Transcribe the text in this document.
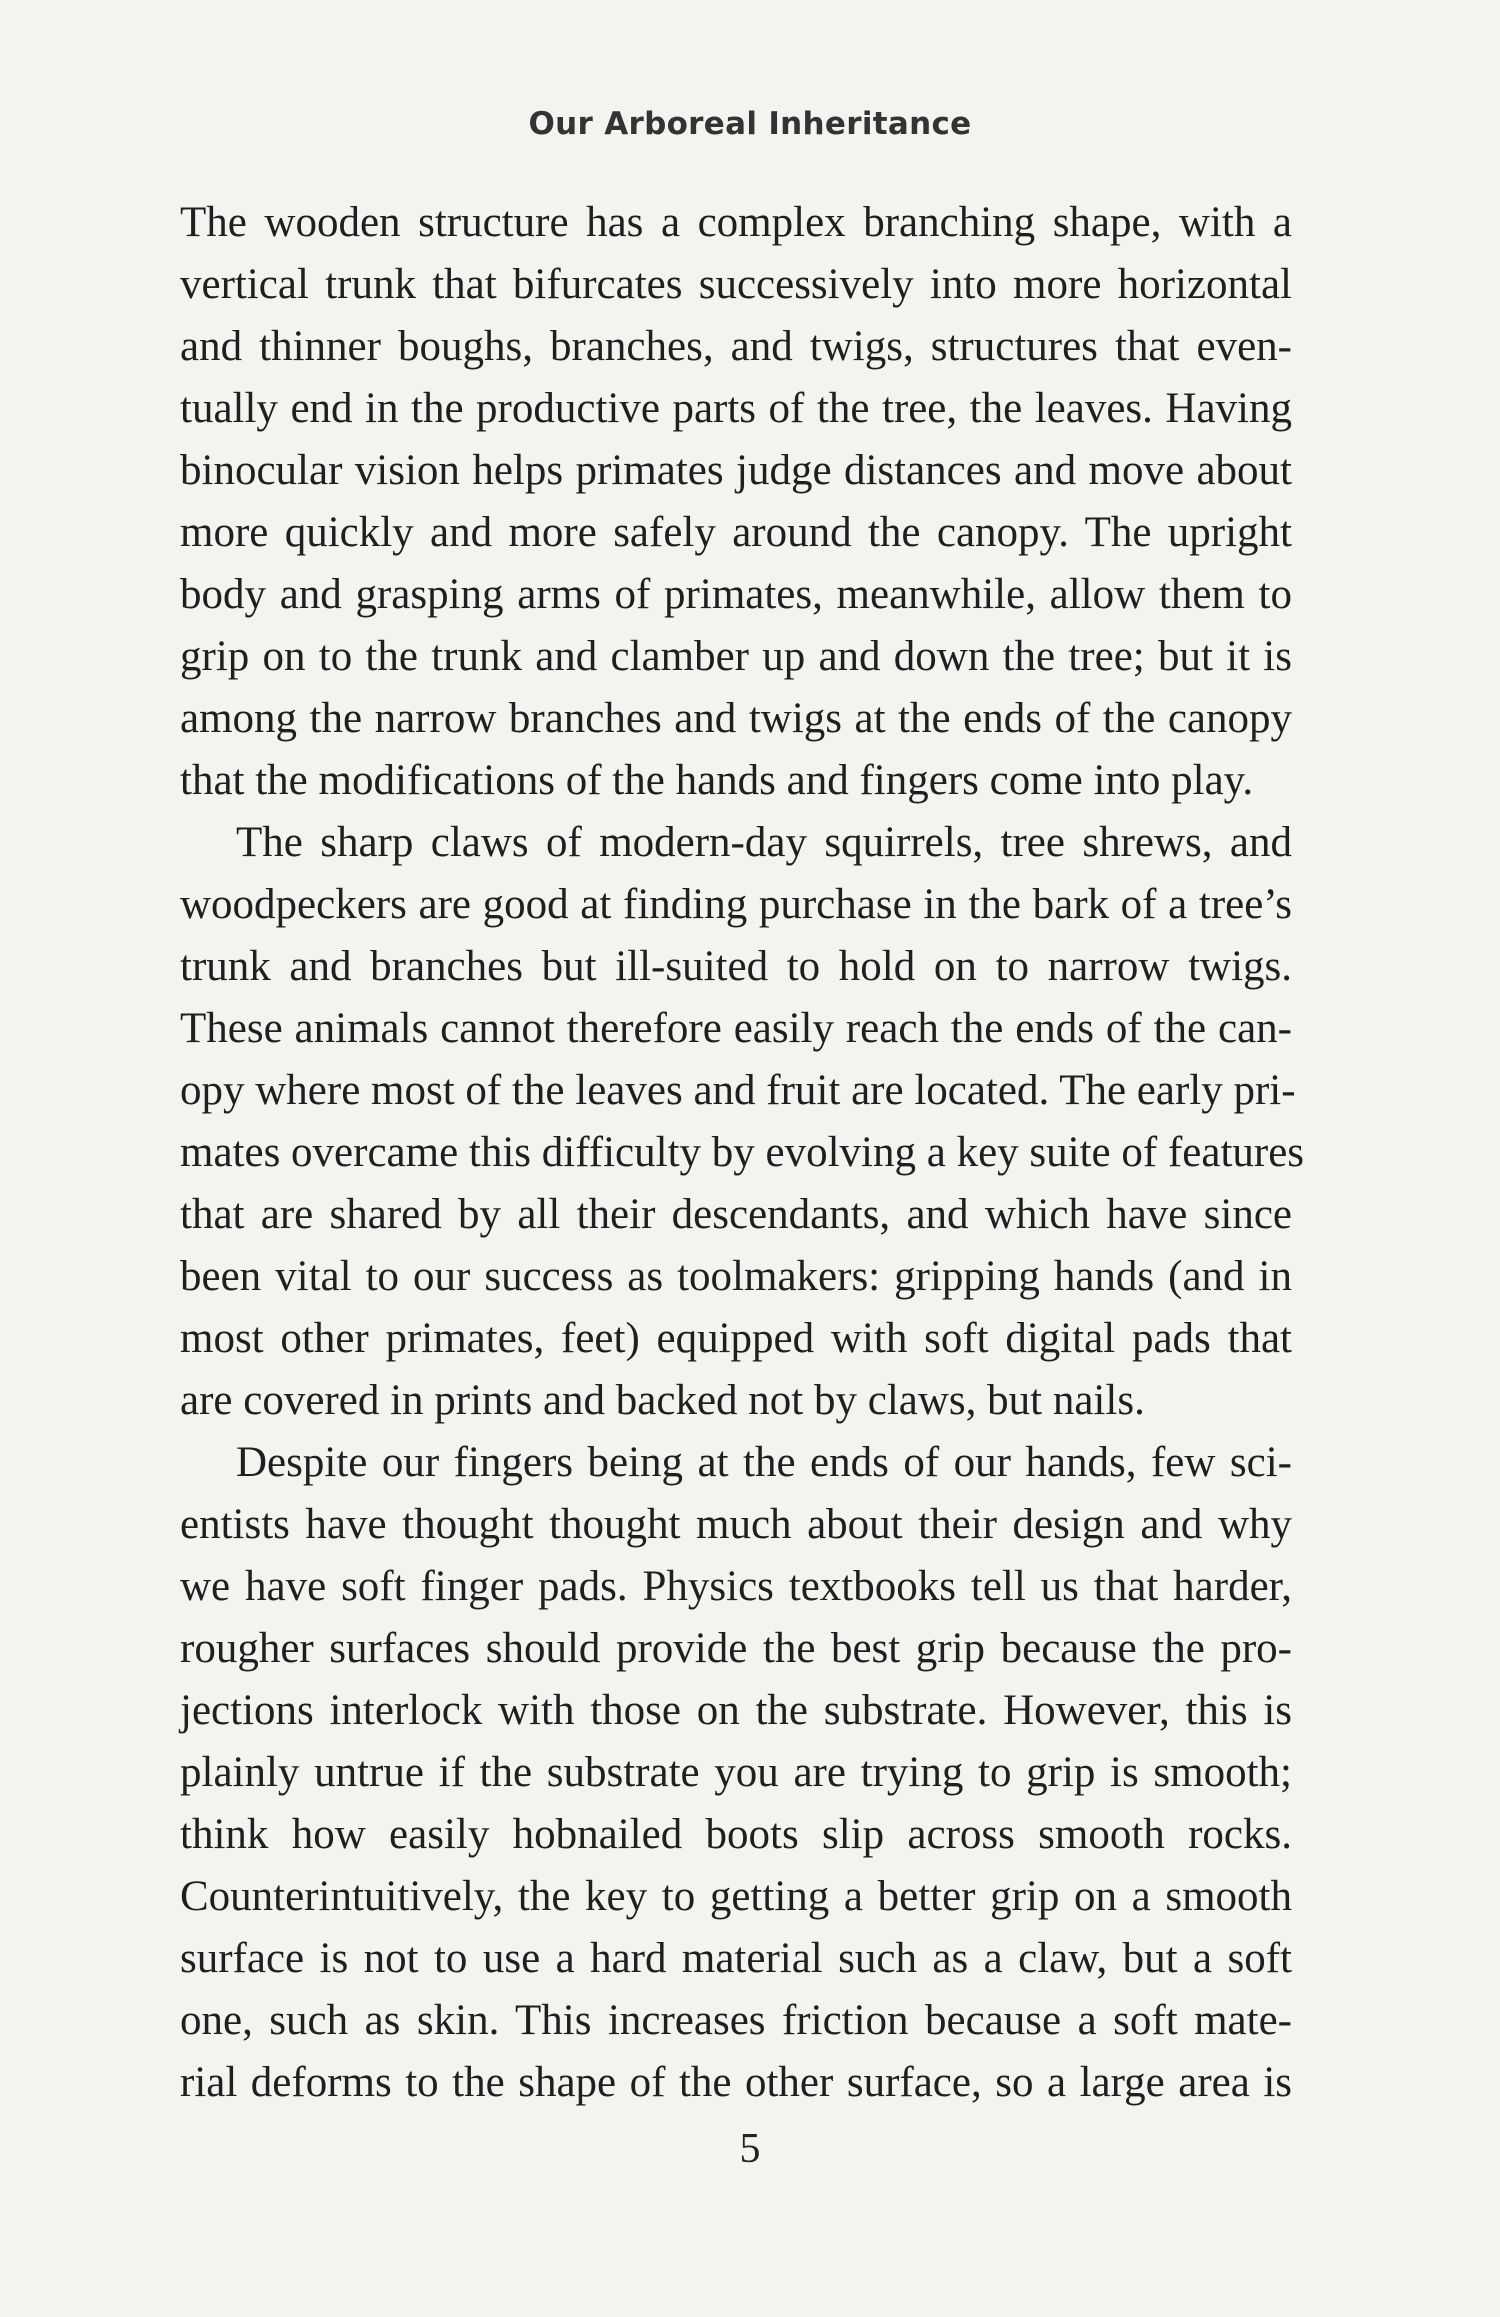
Our Arboreal Inheritance
The wooden structure has a complex branching shape, with a
vertical trunk that bifurcates successively into more horizontal
and thinner boughs, branches, and twigs, structures that even-
tually end in the productive parts of the tree, the leaves. Having
binocular vision helps primates judge distances and move about
more quickly and more safely around the canopy. The upright
body and grasping arms of primates, meanwhile, allow them to
grip on to the trunk and clamber up and down the tree; but it is
among the narrow branches and twigs at the ends of the canopy
that the modifications of the hands and fingers come into play.
The sharp claws of modern-day squirrels, tree shrews, and
woodpeckers are good at finding purchase in the bark of a tree’s
trunk and branches but ill-suited to hold on to narrow twigs.
These animals cannot therefore easily reach the ends of the can-
opy where most of the leaves and fruit are located. The early pri-
mates overcame this difficulty by evolving a key suite of features
that are shared by all their descendants, and which have since
been vital to our success as toolmakers: gripping hands (and in
most other primates, feet) equipped with soft digital pads that
are covered in prints and backed not by claws, but nails.
Despite our fingers being at the ends of our hands, few sci-
entists have thought thought much about their design and why
we have soft finger pads. Physics textbooks tell us that harder,
rougher surfaces should provide the best grip because the pro-
jections interlock with those on the substrate. However, this is
plainly untrue if the substrate you are trying to grip is smooth;
think how easily hobnailed boots slip across smooth rocks.
Counterintuitively, the key to getting a better grip on a smooth
surface is not to use a hard material such as a claw, but a soft
one, such as skin. This increases friction because a soft mate-
rial deforms to the shape of the other surface, so a large area is
5
